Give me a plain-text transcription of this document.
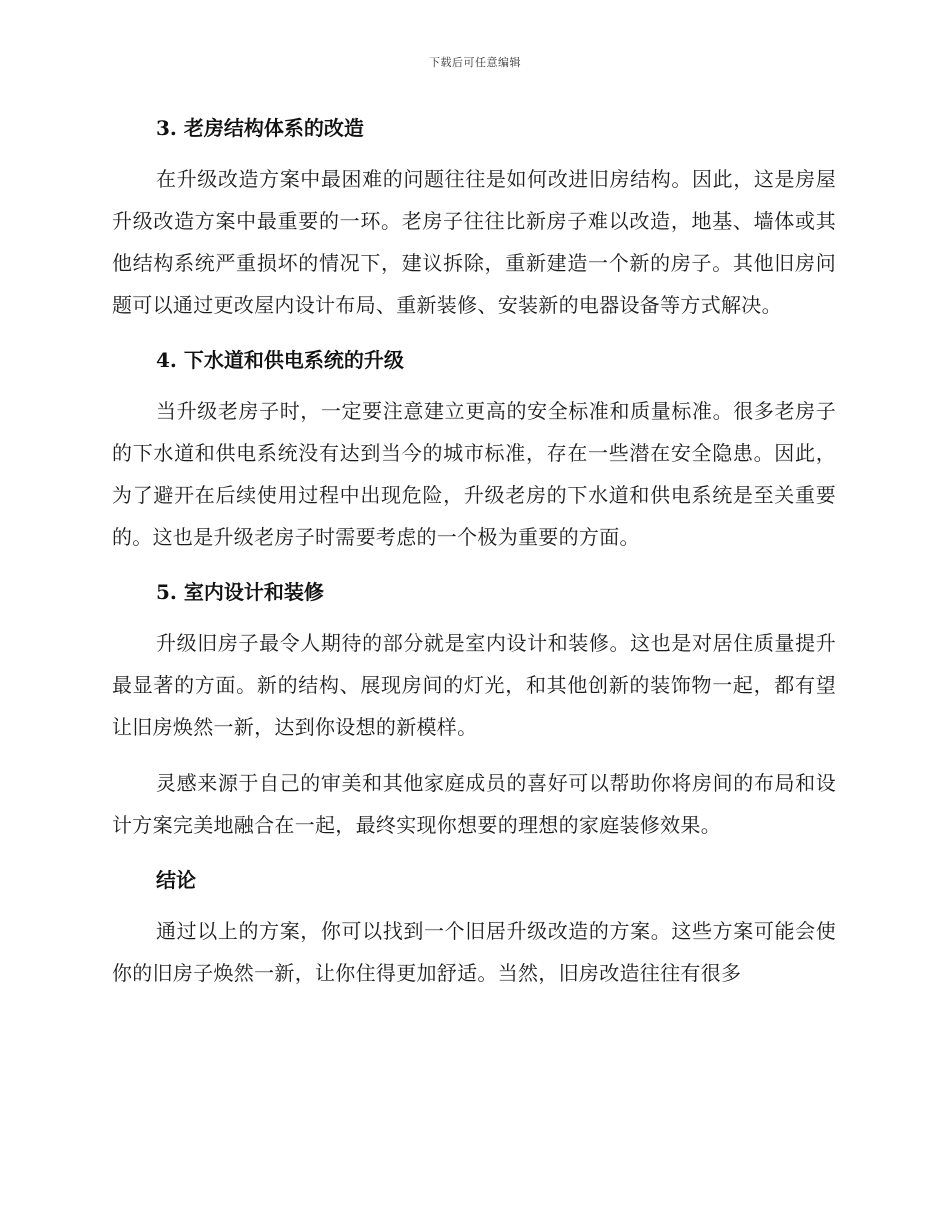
下载后可任意编辑
3. 老房结构体系的改造

在升级改造方案中最困难的问题往往是如何改进旧房结构。因此，这是房屋升级改造方案中最重要的一环。老房子往往比新房子难以改造，地基、墙体或其他结构系统严重损坏的情况下，建议拆除，重新建造一个新的房子。其他旧房问题可以通过更改屋内设计布局、重新装修、安装新的电器设备等方式解决。

4. 下水道和供电系统的升级

当升级老房子时，一定要注意建立更高的安全标准和质量标准。很多老房子的下水道和供电系统没有达到当今的城市标准，存在一些潜在安全隐患。因此，为了避开在后续使用过程中出现危险，升级老房的下水道和供电系统是至关重要的。这也是升级老房子时需要考虑的一个极为重要的方面。

5. 室内设计和装修

升级旧房子最令人期待的部分就是室内设计和装修。这也是对居住质量提升最显著的方面。新的结构、展现房间的灯光，和其他创新的装饰物一起，都有望让旧房焕然一新，达到你设想的新模样。

灵感来源于自己的审美和其他家庭成员的喜好可以帮助你将房间的布局和设计方案完美地融合在一起，最终实现你想要的理想的家庭装修效果。

结论

通过以上的方案，你可以找到一个旧居升级改造的方案。这些方案可能会使你的旧房子焕然一新，让你住得更加舒适。当然，旧房改造往往有很多
